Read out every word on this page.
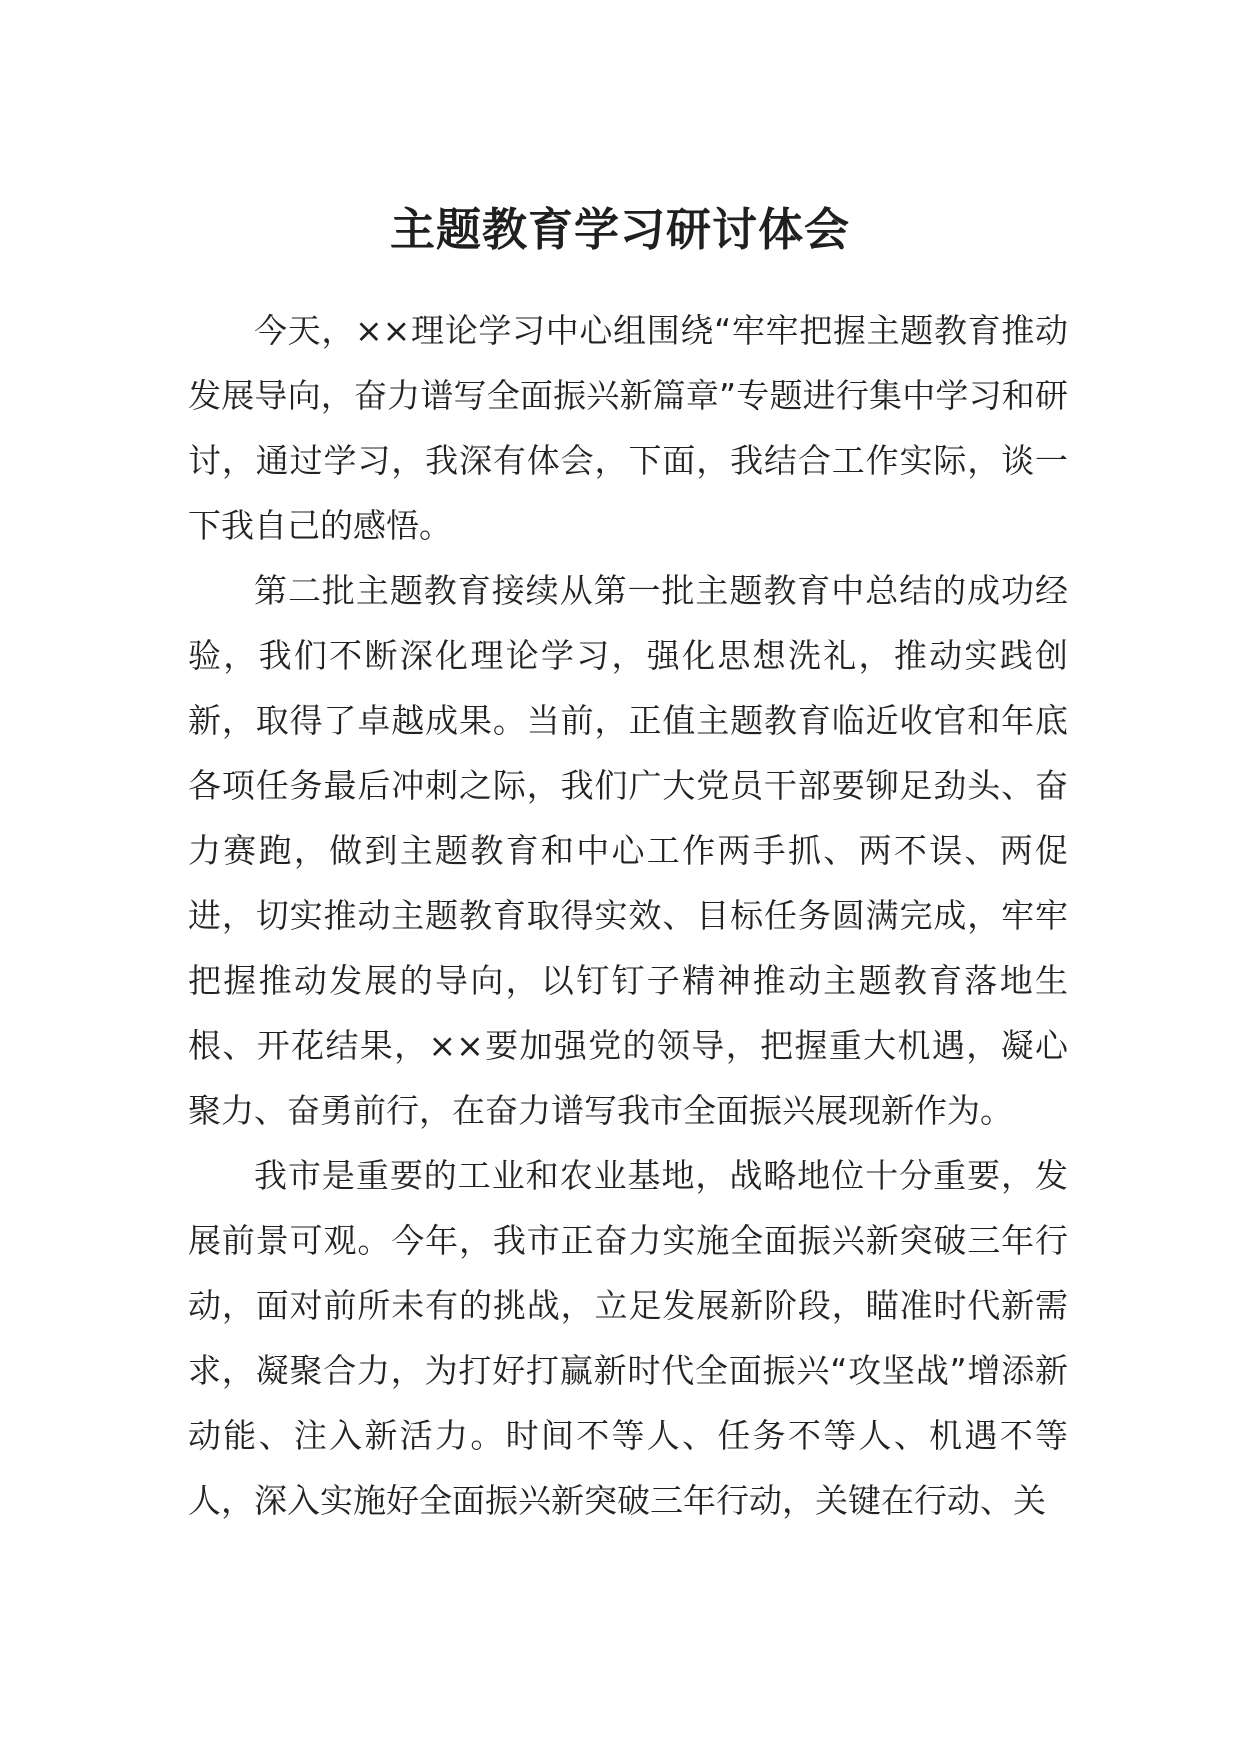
主题教育学习研讨体会

今天，××理论学习中心组围绕“牢牢把握主题教育推动发展导向，奋力谱写全面振兴新篇章”专题进行集中学习和研讨，通过学习，我深有体会，下面，我结合工作实际，谈一下我自己的感悟。

第二批主题教育接续从第一批主题教育中总结的成功经验，我们不断深化理论学习，强化思想洗礼，推动实践创新，取得了卓越成果。当前，正值主题教育临近收官和年底各项任务最后冲刺之际，我们广大党员干部要铆足劲头、奋力赛跑，做到主题教育和中心工作两手抓、两不误、两促进，切实推动主题教育取得实效、目标任务圆满完成，牢牢把握推动发展的导向，以钉钉子精神推动主题教育落地生根、开花结果，××要加强党的领导，把握重大机遇，凝心聚力、奋勇前行，在奋力谱写我市全面振兴展现新作为。

我市是重要的工业和农业基地，战略地位十分重要，发展前景可观。今年，我市正奋力实施全面振兴新突破三年行动，面对前所未有的挑战，立足发展新阶段，瞄准时代新需求，凝聚合力，为打好打赢新时代全面振兴“攻坚战”增添新动能、注入新活力。时间不等人、任务不等人、机遇不等人，深入实施好全面振兴新突破三年行动，关键在行动、关
